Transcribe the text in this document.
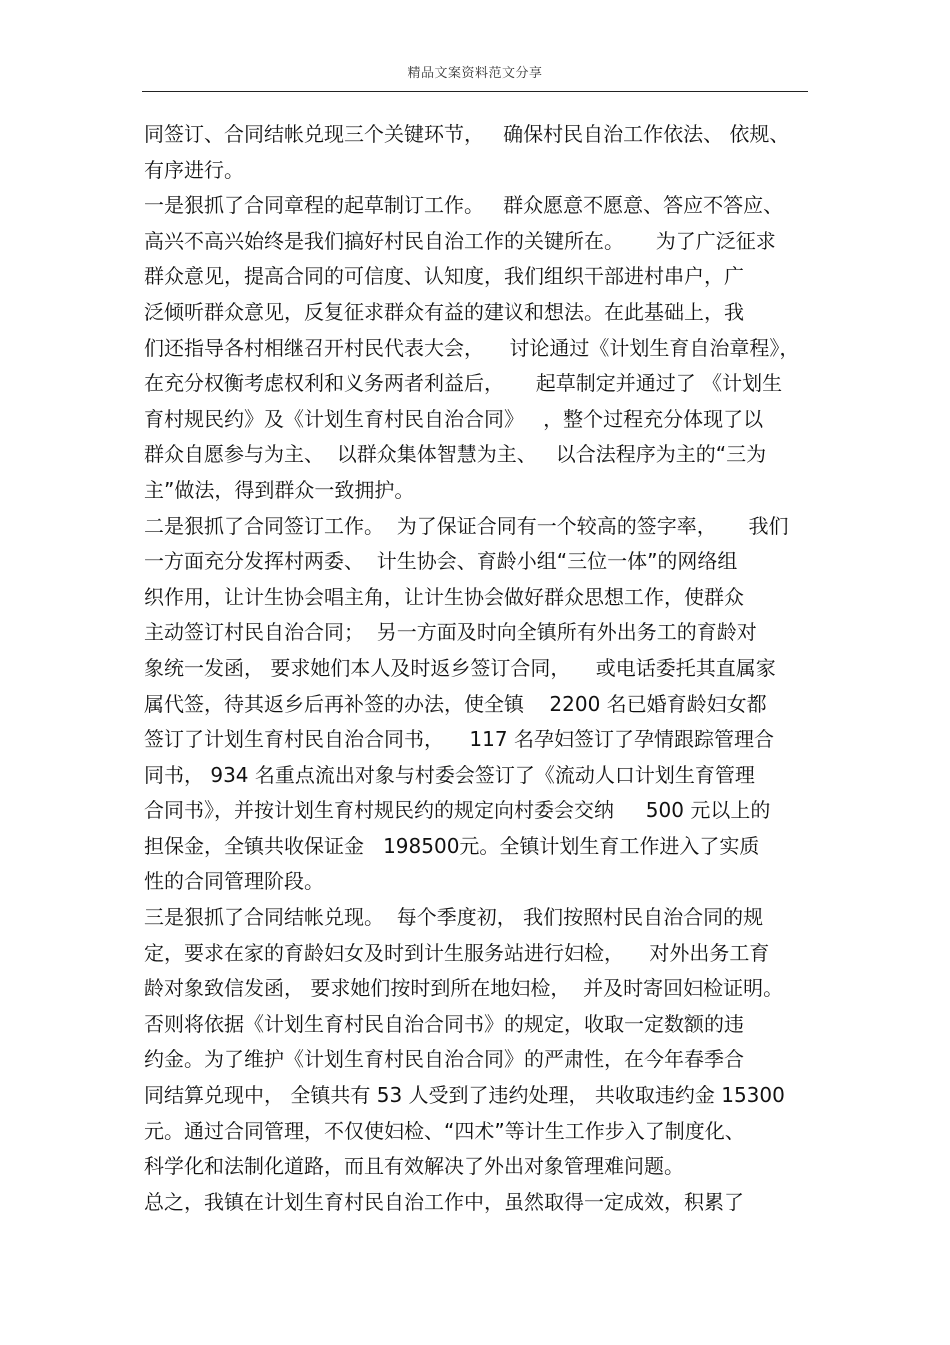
精品文案资料范文分享
同签订、合同结帐兑现三个关键环节，   确保村民自治工作依法、 依规、
有序进行。
一是狠抓了合同章程的起草制订工作。   群众愿意不愿意、答应不答应、
高兴不高兴始终是我们搞好村民自治工作的关键所在。     为了广泛征求
群众意见，提高合同的可信度、认知度，我们组织干部进村串户，广
泛倾听群众意见，反复征求群众有益的建议和想法。在此基础上，我
们还指导各村相继召开村民代表大会，    讨论通过《计划生育自治章程》，
在充分权衡考虑权利和义务两者利益后，     起草制定并通过了 《计划生
育村规民约》及《计划生育村民自治合同》   ，整个过程充分体现了以
群众自愿参与为主、  以群众集体智慧为主、   以合法程序为主的“三为
主”做法，得到群众一致拥护。
二是狠抓了合同签订工作。  为了保证合同有一个较高的签字率，     我们
一方面充分发挥村两委、  计生协会、育龄小组“三位一体”的网络组
织作用，让计生协会唱主角，让计生协会做好群众思想工作，使群众
主动签订村民自治合同；  另一方面及时向全镇所有外出务工的育龄对
象统一发函， 要求她们本人及时返乡签订合同，    或电话委托其直属家
属代签，待其返乡后再补签的办法，使全镇    2200 名已婚育龄妇女都
签订了计划生育村民自治合同书，    117 名孕妇签订了孕情跟踪管理合
同书， 934 名重点流出对象与村委会签订了《流动人口计划生育管理
合同书》，并按计划生育村规民约的规定向村委会交纳     500 元以上的
担保金，全镇共收保证金   198500元。全镇计划生育工作进入了实质
性的合同管理阶段。
三是狠抓了合同结帐兑现。  每个季度初， 我们按照村民自治合同的规
定，要求在家的育龄妇女及时到计生服务站进行妇检，    对外出务工育
龄对象致信发函， 要求她们按时到所在地妇检，  并及时寄回妇检证明。
否则将依据《计划生育村民自治合同书》的规定，收取一定数额的违
约金。为了维护《计划生育村民自治合同》的严肃性，在今年春季合
同结算兑现中， 全镇共有 53 人受到了违约处理， 共收取违约金 15300
元。通过合同管理，不仅使妇检、“四术”等计生工作步入了制度化、
科学化和法制化道路，而且有效解决了外出对象管理难问题。
总之，我镇在计划生育村民自治工作中，虽然取得一定成效，积累了
